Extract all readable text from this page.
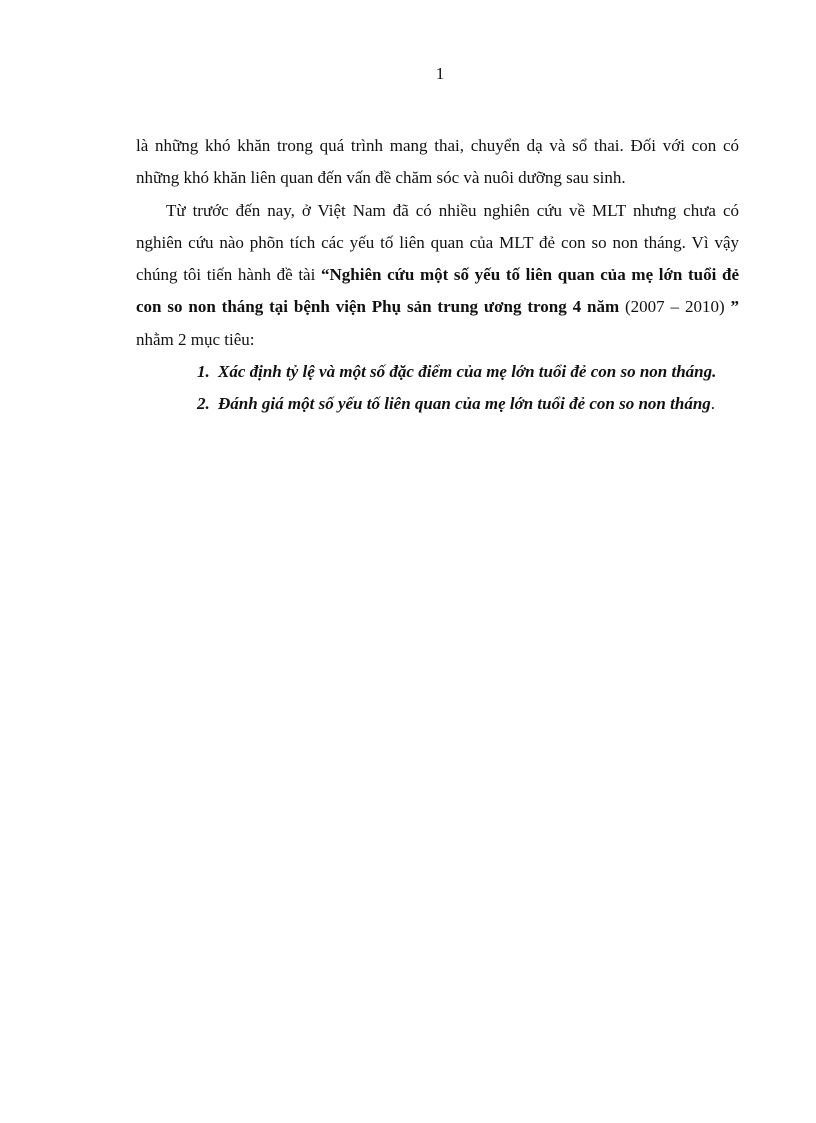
1

là những khó khăn trong quá trình mang thai, chuyển dạ và sổ thai. Đối với con có những khó khăn liên quan đến vấn đề chăm sóc và nuôi dưỡng sau sinh.

Từ trước đến nay, ở Việt Nam đã có nhiều nghiên cứu về MLT nhưng chưa có nghiên cứu nào phõn tích các yếu tố liên quan của MLT đẻ con so non tháng. Vì vậy chúng tôi tiến hành đề tài “Nghiên cứu một số yếu tố liên quan của mẹ lớn tuổi đẻ con so non tháng tại bệnh viện Phụ sản trung ương trong 4 năm (2007 – 2010) ” nhằm 2 mục tiêu:

1. Xác định tỷ lệ và một số đặc điểm của mẹ lớn tuổi đẻ con so non tháng.
2. Đánh giá một số yếu tố liên quan của mẹ lớn tuổi đẻ con so non tháng.
